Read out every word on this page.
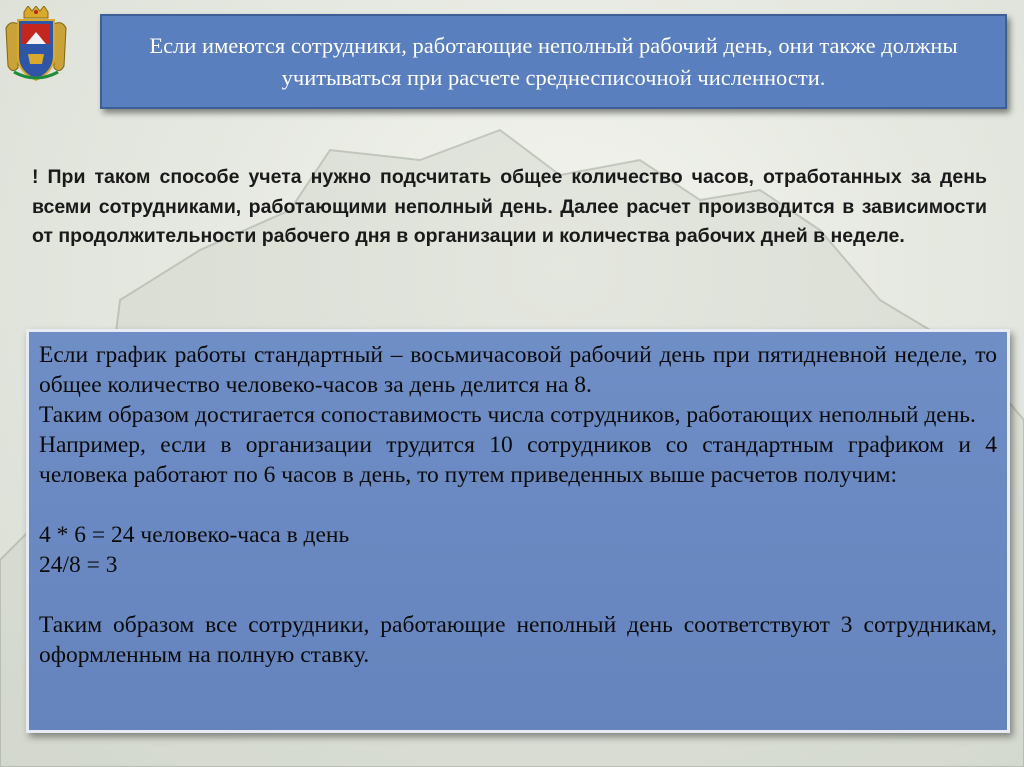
Если имеются сотрудники, работающие неполный рабочий день, они также должны учитываться при расчете среднесписочной численности.

! При таком способе учета нужно подсчитать общее количество часов, отработанных за день всеми сотрудниками, работающими неполный день. Далее расчет производится в зависимости от продолжительности рабочего дня в организации и количества рабочих дней в неделе.

Если график работы стандартный – восьмичасовой рабочий день при пятидневной неделе, то общее количество человеко-часов за день делится на 8.

Таким образом достигается сопоставимость числа сотрудников, работающих неполный день.

Например, если в организации трудится 10 сотрудников со стандартным графиком и 4 человека работают по 6 часов в день, то путем приведенных выше расчетов получим:

4 * 6 = 24 человеко-часа в день

24/8 = 3

Таким образом все сотрудники, работающие неполный день соответствуют 3 сотрудникам, оформленным на полную ставку.
